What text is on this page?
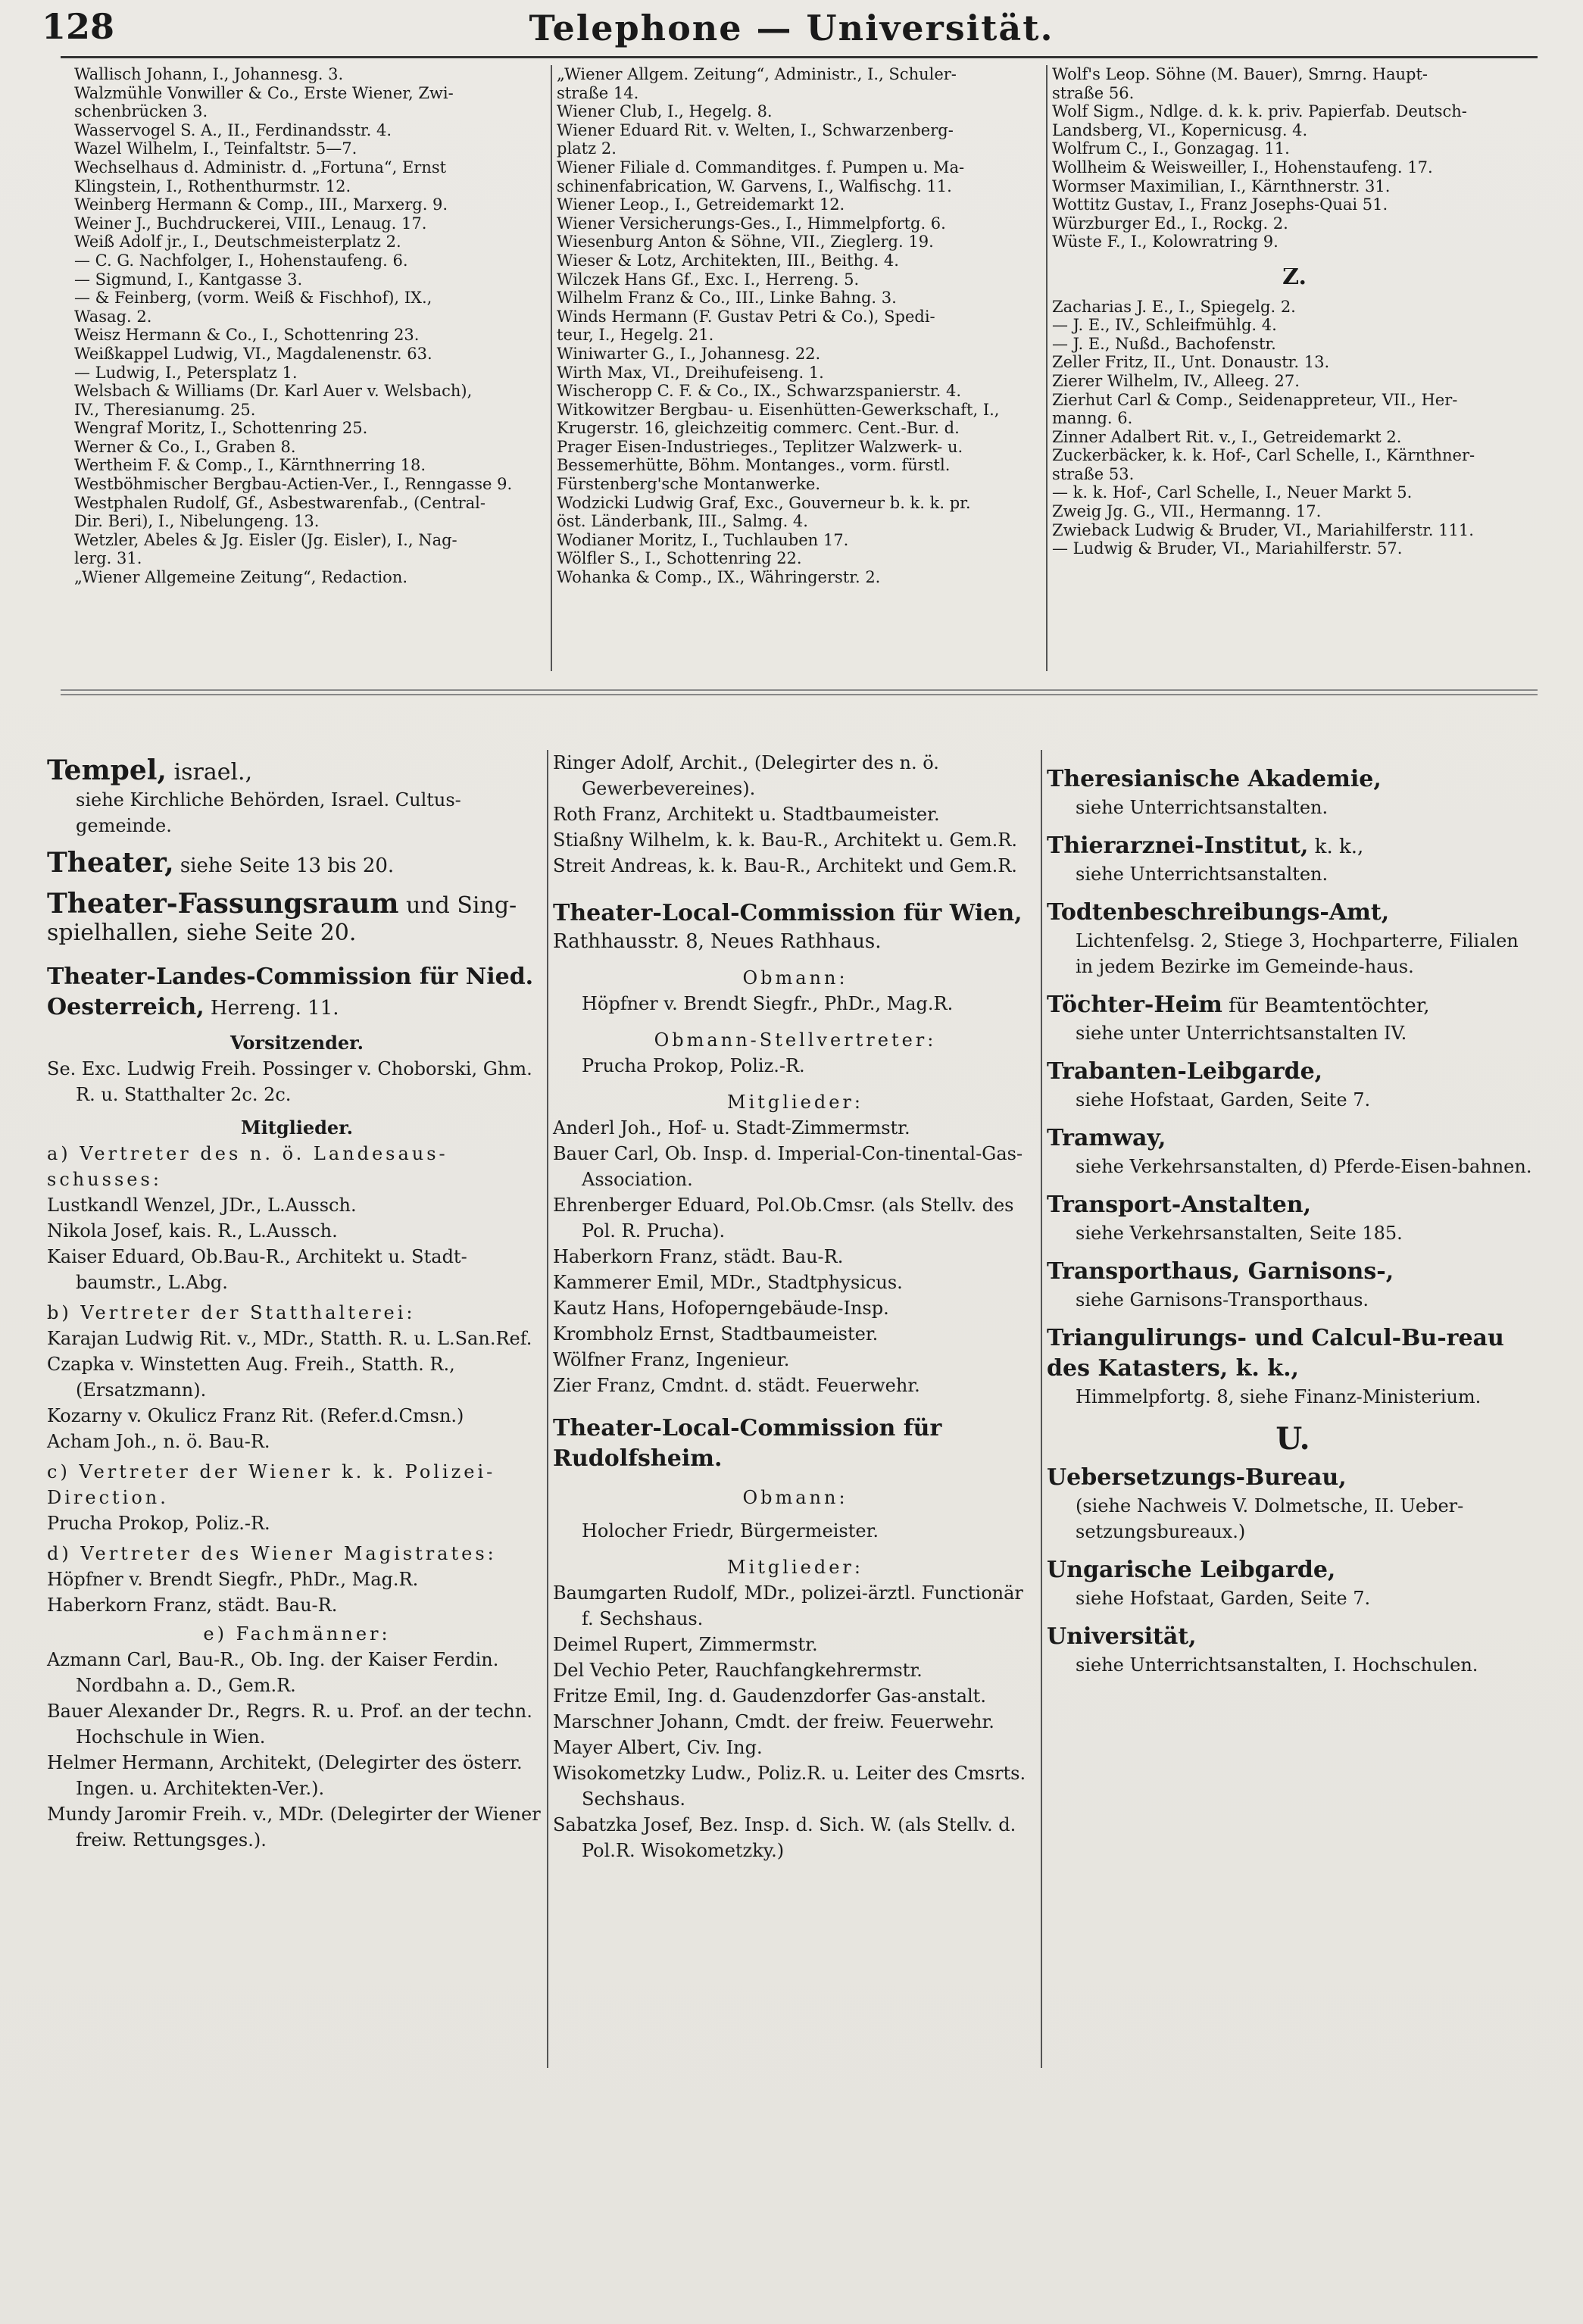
128	Telephone — Universität.

Wallisch Johann, I., Johannesg. 3.

Walzmühle Vonwiller & Co., Erste Wiener, Zwi-

schenbrücken 3.

Wasservogel S. A., II., Ferdinandsstr. 4.

Wazel Wilhelm, I., Teinfaltstr. 5—7.

Wechselhaus d. Administr. d. „Fortuna“, Ernst

Klingstein, I., Rothenthurmstr. 12.

Weinberg Hermann & Comp., III., Marxerg. 9.

Weiner J., Buchdruckerei, VIII., Lenaug. 17.

Weiß Adolf jr., I., Deutschmeisterplatz 2.

— C. G. Nachfolger, I., Hohenstaufeng. 6.

— Sigmund, I., Kantgasse 3.

— & Feinberg, (vorm. Weiß & Fischhof), IX.,

Wasag. 2.

Weisz Hermann & Co., I., Schottenring 23.

Weißkappel Ludwig, VI., Magdalenenstr. 63.

— Ludwig, I., Petersplatz 1.

Welsbach & Williams (Dr. Karl Auer v. Welsbach),

IV., Theresianumg. 25.

Wengraf Moritz, I., Schottenring 25.

Werner & Co., I., Graben 8.

Wertheim F. & Comp., I., Kärnthnerring 18.

Westböhmischer Bergbau-Actien-Ver., I., Renngasse 9.

Westphalen Rudolf, Gf., Asbestwarenfab., (Central-

Dir. Beri), I., Nibelungeng. 13.

Wetzler, Abeles & Jg. Eisler (Jg. Eisler), I., Nag-

lerg. 31.

„Wiener Allgemeine Zeitung“, Redaction.

„Wiener Allgem. Zeitung“, Administr., I., Schuler-

straße 14.

Wiener Club, I., Hegelg. 8.

Wiener Eduard Rit. v. Welten, I., Schwarzenberg-

platz 2.

Wiener Filiale d. Commanditges. f. Pumpen u. Ma-

schinenfabrication, W. Garvens, I., Walfischg. 11.

Wiener Leop., I., Getreidemarkt 12.

Wiener Versicherungs-Ges., I., Himmelpfortg. 6.

Wiesenburg Anton & Söhne, VII., Zieglerg. 19.

Wieser & Lotz, Architekten, III., Beithg. 4.

Wilczek Hans Gf., Exc. I., Herreng. 5.

Wilhelm Franz & Co., III., Linke Bahng. 3.

Winds Hermann (F. Gustav Petri & Co.), Spedi-

teur, I., Hegelg. 21.

Winiwarter G., I., Johannesg. 22.

Wirth Max, VI., Dreihufeiseng. 1.

Wischeropp C. F. & Co., IX., Schwarzspanierstr. 4.

Witkowitzer Bergbau- u. Eisenhütten-Gewerkschaft, I.,

Krugerstr. 16, gleichzeitig commerc. Cent.-Bur. d.

Prager Eisen-Industrieges., Teplitzer Walzwerk- u.

Bessemerhütte, Böhm. Montanges., vorm. fürstl.

Fürstenberg'sche Montanwerke.

Wodzicki Ludwig Graf, Exc., Gouverneur b. k. k. pr.

öst. Länderbank, III., Salmg. 4.

Wodianer Moritz, I., Tuchlauben 17.

Wölfler S., I., Schottenring 22.

Wohanka & Comp., IX., Währingerstr. 2.

Wolf's Leop. Söhne (M. Bauer), Smrng. Haupt-

straße 56.

Wolf Sigm., Ndlge. d. k. k. priv. Papierfab. Deutsch-

Landsberg, VI., Kopernicusg. 4.

Wolfrum C., I., Gonzagag. 11.

Wollheim & Weisweiller, I., Hohenstaufeng. 17.

Wormser Maximilian, I., Kärnthnerstr. 31.

Wottitz Gustav, I., Franz Josephs-Quai 51.

Würzburger Ed., I., Rockg. 2.

Wüste F., I., Kolowratring 9.

Z.

Zacharias J. E., I., Spiegelg. 2.

— J. E., IV., Schleifmühlg. 4.

— J. E., Nußd., Bachofenstr.

Zeller Fritz, II., Unt. Donaustr. 13.

Zierer Wilhelm, IV., Alleeg. 27.

Zierhut Carl & Comp., Seidenappreteur, VII., Her-

manng. 6.

Zinner Adalbert Rit. v., I., Getreidemarkt 2.

Zuckerbäcker, k. k. Hof-, Carl Schelle, I., Kärnthner-

straße 53.

— k. k. Hof-, Carl Schelle, I., Neuer Markt 5.

Zweig Jg. G., VII., Hermanng. 17.

Zwieback Ludwig & Bruder, VI., Mariahilferstr. 111.

— Ludwig & Bruder, VI., Mariahilferstr. 57.

Tempel, israel.,
siehe Kirchliche Behörden, Israel. Cultus-gemeinde.
Theater, siehe Seite 13 bis 20.
Theater-Fassungsraum und Sing-spielhallen, siehe Seite 20.
Theater-Landes-Commission für Nied. Oesterreich, Herreng. 11.
Vorsitzender.
Se. Exc. Ludwig Freih. Possinger v. Choborski, Ghm. R. u. Statthalter 2c. 2c.
Mitglieder.
a) Vertreter des n. ö. Landesaus-schusses:
Lustkandl Wenzel, JDr., L.Aussch.
Nikola Josef, kais. R., L.Aussch.
Kaiser Eduard, Ob.Bau-R., Architekt u. Stadt-baumstr., L.Abg.
b) Vertreter der Statthalterei:
Karajan Ludwig Rit. v., MDr., Statth. R. u. L.San.Ref.
Czapka v. Winstetten Aug. Freih., Statth. R., (Ersatzmann).
Kozarny v. Okulicz Franz Rit. (Refer.d.Cmsn.)
Acham Joh., n. ö. Bau-R.
c) Vertreter der Wiener k. k. Polizei-Direction.
Prucha Prokop, Poliz.-R.
d) Vertreter des Wiener Magistrates:
Höpfner v. Brendt Siegfr., PhDr., Mag.R.
Haberkorn Franz, städt. Bau-R.
e) Fachmänner:
Azmann Carl, Bau-R., Ob. Ing. der Kaiser Ferdin. Nordbahn a. D., Gem.R.
Bauer Alexander Dr., Regrs. R. u. Prof. an der techn. Hochschule in Wien.
Helmer Hermann, Architekt, (Delegirter des österr. Ingen. u. Architekten-Ver.).
Mundy Jaromir Freih. v., MDr. (Delegirter der Wiener freiw. Rettungsges.).
Ringer Adolf, Archit., (Delegirter des n. ö. Gewerbevereines).
Roth Franz, Architekt u. Stadtbaumeister.
Stiaßny Wilhelm, k. k. Bau-R., Architekt u. Gem.R.
Streit Andreas, k. k. Bau-R., Architekt und Gem.R.
Theater-Local-Commission für Wien, Rathhausstr. 8, Neues Rathhaus.
Obmann:
Höpfner v. Brendt Siegfr., PhDr., Mag.R.
Obmann-Stellvertreter:
Prucha Prokop, Poliz.-R.
Mitglieder:
Anderl Joh., Hof- u. Stadt-Zimmermstr.
Bauer Carl, Ob. Insp. d. Imperial-Con-tinental-Gas-Association.
Ehrenberger Eduard, Pol.Ob.Cmsr. (als Stellv. des Pol. R. Prucha).
Haberkorn Franz, städt. Bau-R.
Kammerer Emil, MDr., Stadtphysicus.
Kautz Hans, Hofoperngebäude-Insp.
Krombholz Ernst, Stadtbaumeister.
Wölfner Franz, Ingenieur.
Zier Franz, Cmdnt. d. städt. Feuerwehr.
Theater-Local-Commission für Rudolfsheim.
Obmann:
Holocher Friedr, Bürgermeister.
Mitglieder:
Baumgarten Rudolf, MDr., polizei-ärztl. Functionär f. Sechshaus.
Deimel Rupert, Zimmermstr.
Del Vechio Peter, Rauchfangkehrermstr.
Fritze Emil, Ing. d. Gaudenzdorfer Gas-anstalt.
Marschner Johann, Cmdt. der freiw. Feuerwehr.
Mayer Albert, Civ. Ing.
Wisokometzky Ludw., Poliz.R. u. Leiter des Cmsrts. Sechshaus.
Sabatzka Josef, Bez. Insp. d. Sich. W. (als Stellv. d. Pol.R. Wisokometzky.)
Theresianische Akademie,
siehe Unterrichtsanstalten.
Thierarznei-Institut, k. k.,
siehe Unterrichtsanstalten.
Todtenbeschreibungs-Amt,
Lichtenfelsg. 2, Stiege 3, Hochparterre, Filialen in jedem Bezirke im Gemeinde-haus.
Töchter-Heim für Beamtentöchter,
siehe unter Unterrichtsanstalten IV.
Trabanten-Leibgarde,
siehe Hofstaat, Garden, Seite 7.
Tramway,
siehe Verkehrsanstalten, d) Pferde-Eisen-bahnen.
Transport-Anstalten,
siehe Verkehrsanstalten, Seite 185.
Transporthaus, Garnisons-,
siehe Garnisons-Transporthaus.
Triangulirungs- und Calcul-Bu-reau des Katasters, k. k.,
Himmelpfortg. 8, siehe Finanz-Ministerium.
U.
Uebersetzungs-Bureau,
(siehe Nachweis V. Dolmetsche, II. Ueber-setzungsbureaux.)
Ungarische Leibgarde,
siehe Hofstaat, Garden, Seite 7.
Universität,
siehe Unterrichtsanstalten, I. Hochschulen.
